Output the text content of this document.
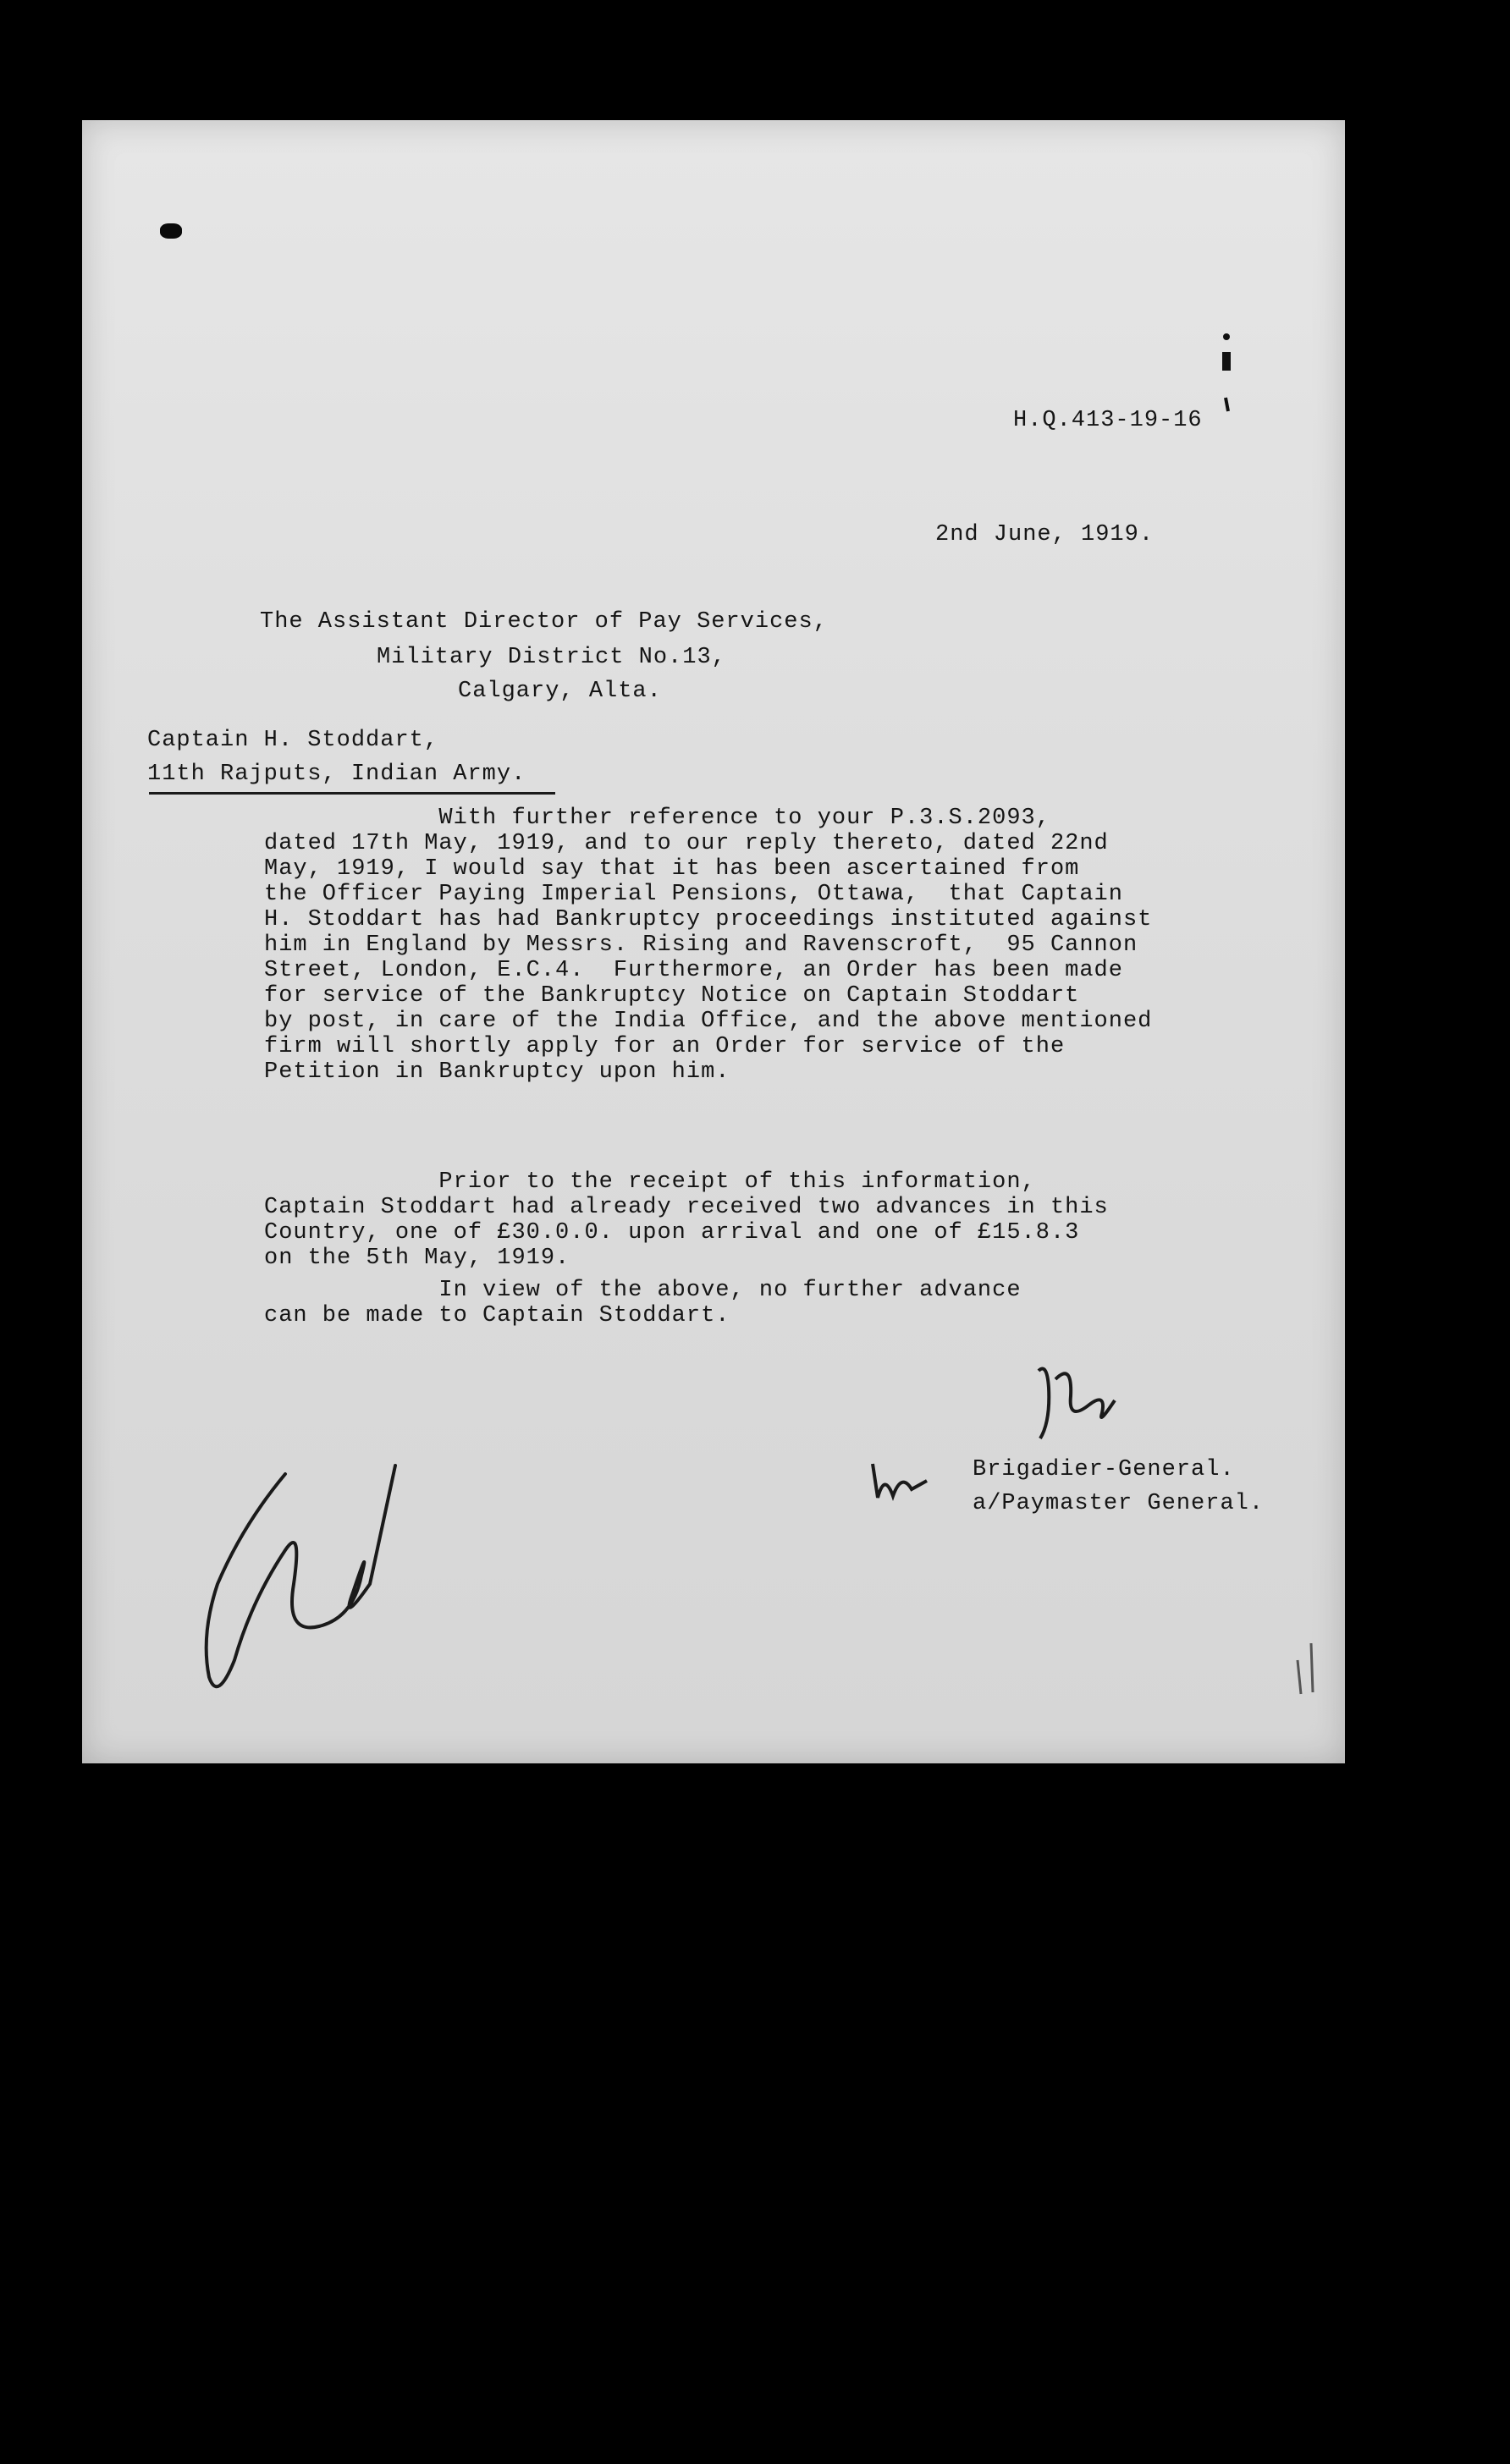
H.Q.413-19-16

2nd June, 1919.

The Assistant Director of Pay Services,

Military District No.13,

Calgary, Alta.

Captain H. Stoddart,

11th Rajputs, Indian Army.

With further reference to your P.3.S.2093,
dated 17th May, 1919, and to our reply thereto, dated 22nd
May, 1919, I would say that it has been ascertained from
the Officer Paying Imperial Pensions, Ottawa,  that Captain
H. Stoddart has had Bankruptcy proceedings instituted against
him in England by Messrs. Rising and Ravenscroft,  95 Cannon
Street, London, E.C.4.  Furthermore, an Order has been made
for service of the Bankruptcy Notice on Captain Stoddart
by post, in care of the India Office, and the above mentioned
firm will shortly apply for an Order for service of the
Petition in Bankruptcy upon him.
Prior to the receipt of this information,
Captain Stoddart had already received two advances in this
Country, one of £30.0.0. upon arrival and one of £15.8.3
on the 5th May, 1919.
In view of the above, no further advance
can be made to Captain Stoddart.

Brigadier-General.

a/Paymaster General.
